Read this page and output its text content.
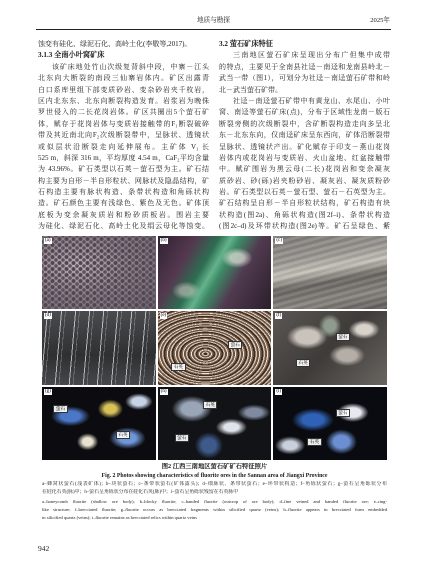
地质与勘探	2025年
蚀变有硅化、绿泥石化、高岭土化(李敬等,2017)。
3.1.3 全南小叶窝矿床
该矿床地处竹山次级复背斜中段，中寨－江头
北东向大断裂的南段三仙寨岩体内。矿区出露青
白口系库里组下部变质砂岩、变杂砂岩夹千枚岩，
区内北东东、北东向断裂构造发育。岩浆岩为晚侏
罗世侵入的二长花岗岩体。矿区共圈出5个萤石矿
体，赋存于花岗岩体与变质岩接触带的F₁断裂破碎
带及其近南北向F₂次级断裂带中，呈脉状、透镜状
或似层状沿断裂走向延伸展布。主矿体 V₁ 长
525 m，斜深 316 m，平均厚度 4.54 m，CaF₂平均含量
为 43.96%。矿石类型以石英－萤石型为主。矿石结
构主要为自形－半自形粒状、网脉状及隐晶结构，矿
石构造主要有脉状构造、条带状构造和角砾状构
造。矿石颜色主要有浅绿色、紫色及无色。矿体顶
底板为变余凝灰质岩和粉砂质板岩。围岩主要
为硅化、绿泥石化、高岭土化及绢云母化等蚀变。
3.2 萤石矿床特征
三南地区萤石矿床呈现出分布广但集中成带
的特点，主要见于全南县社迳－南迳和龙南县岭北－
武当一带（图1），可划分为社迳－南迳萤石矿带和岭
北－武当萤石矿带。
社迳－南迳萤石矿带中有黄龙山、水尾山、小叶
窝、南迳等萤石矿床(点)，分布于区域性龙南－版石
断裂旁侧的次级断裂中，含矿断裂构造走向多呈北
东－北东东向，仅南迳矿床呈东西向，矿体沿断裂带
呈脉状、透镜状产出。矿化赋存于印支－燕山花岗
岩体内或花岗岩与变质岩、火山盆地、红盆接触带
中。赋矿围岩为黑云母(二长)花岗岩和变余凝灰
质砂岩、砂(砾)岩夹粉砂岩、凝灰岩、凝灰质粉砂
岩。矿石类型以石英－萤石型、萤石－石英型为主。
矿石结构呈自形－半自形粒状结构，矿石构造有块
状构造(图2a)、角砾状构造(图2f–i)、条带状构造
(图2c–d)及环带状构造(图2e)等。矿石呈绿色、紫
(a)	(b)	(c)
(d)	(e)
萤石
石英
(f)
萤石
石英
(g)
萤石
石英
(h)
石英
萤石
(i)
萤石
石英
图2 江西三南地区萤石矿矿石特征照片
Fig. 2 Photos showing characteristics of fluorite ores in the Sannan area of Jiangxi Province
a–蜂窝状萤石(浅表矿体)；b–块状萤石；c–条带状萤石(矿体露头)；d–细脉状、条带状萤石；e–环带状构造；f–角砾状萤石；g–萤石呈角砾状分布
在硅化石英(脉)中；h–萤石呈角砾状分布在硅化石英(脉)中；i–萤石呈角砾状残留在石英脉中
a–honeycomb fluorite (shallow ore body); b–blocky fluorite; c–banded fluorite (outcrop of ore body); d–fine veined and banded fluorite ore; e–ring-
like structure; f–brecciated fluorite; g–fluorite occurs as brecciated fragments within silicified quartz (veins); h–fluorite appears in brecciated form embedded
in silicified quartz (veins); i–fluorite remains as brecciated relics within quartz veins
942
